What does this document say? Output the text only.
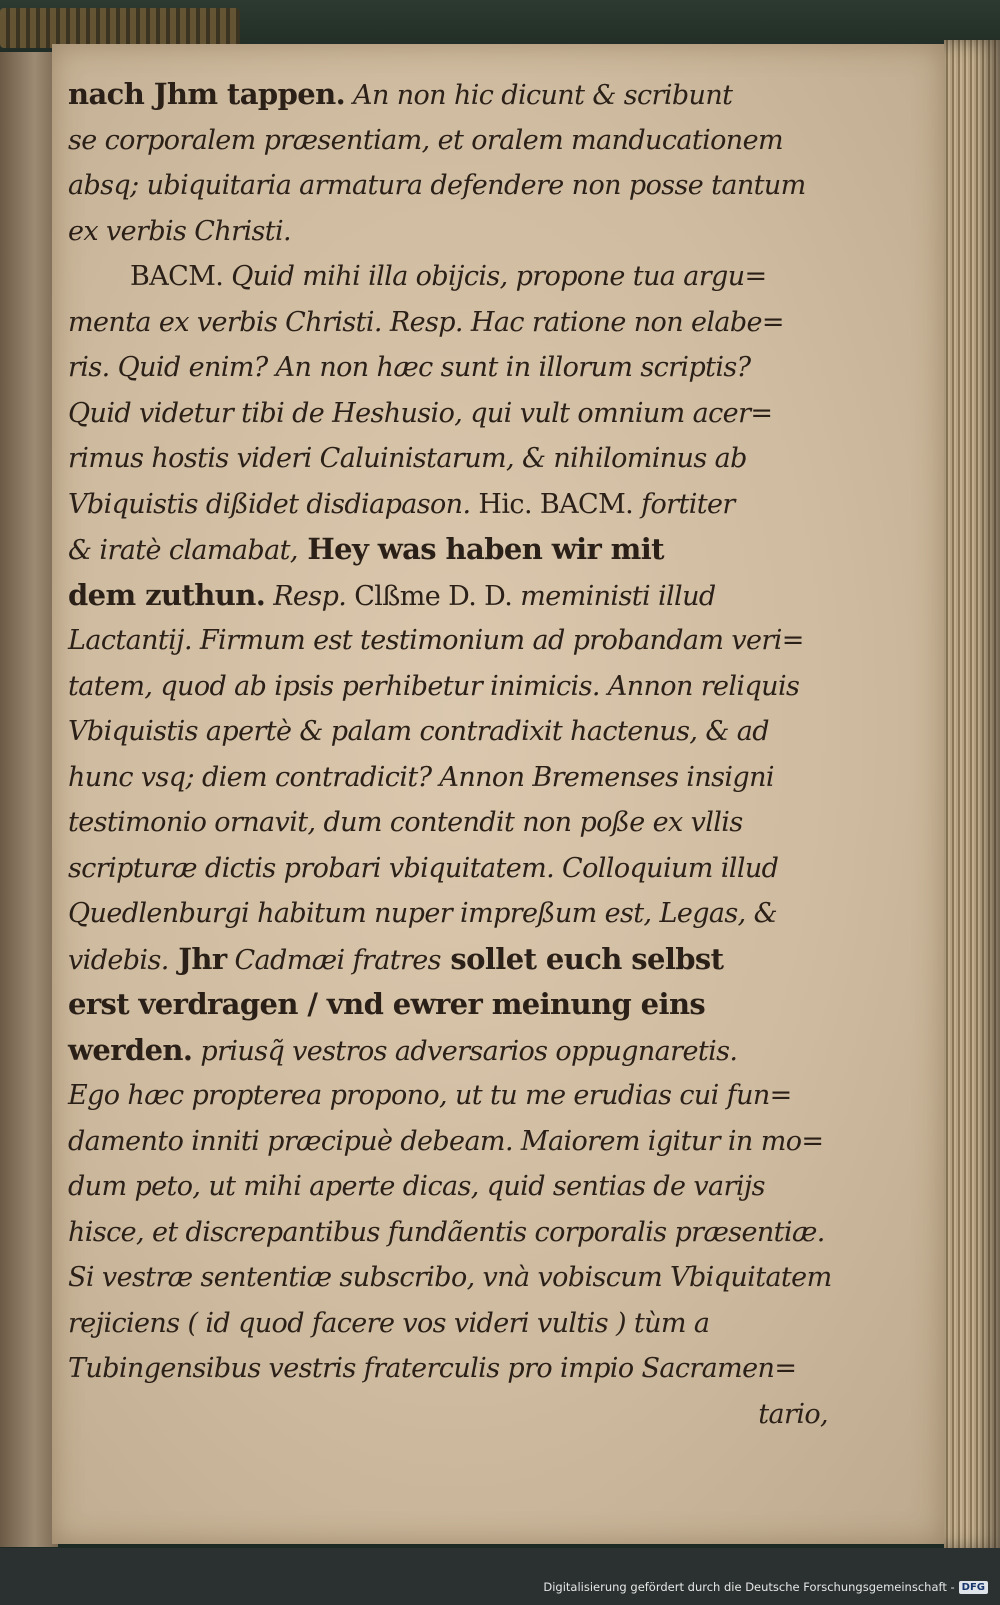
nach Jhm tappen. An non hic dicunt & scribunt
se corporalem præsentiam, et oralem manducationem
absq; ubiquitaria armatura defendere non posse tantum
ex verbis Christi.
BACM. Quid mihi illa obijcis, propone tua argu=
menta ex verbis Christi. Resp. Hac ratione non elabe=
ris. Quid enim? An non hæc sunt in illorum scriptis?
Quid videtur tibi de Heshusio, qui vult omnium acer=
rimus hostis videri Caluinistarum, & nihilominus ab
Vbiquistis dißidet disdiapason. Hic. BACM. fortiter
& iratè clamabat, Hey was haben wir mit
dem zuthun. Resp. Clßme D. D. meministi illud
Lactantij. Firmum est testimonium ad probandam veri=
tatem, quod ab ipsis perhibetur inimicis. Annon reliquis
Vbiquistis apertè & palam contradixit hactenus, & ad
hunc vsq; diem contradicit? Annon Bremenses insigni
testimonio ornavit, dum contendit non poße ex vllis
scripturæ dictis probari vbiquitatem. Colloquium illud
Quedlenburgi habitum nuper impreßum est, Legas, &
videbis. Jhr Cadmæi fratres sollet euch selbst
erst verdragen / vnd ewrer meinung eins
werden. priusq̃ vestros adversarios oppugnaretis.
Ego hæc propterea propono, ut tu me erudias cui fun=
damento inniti præcipuè debeam. Maiorem igitur in mo=
dum peto, ut mihi aperte dicas, quid sentias de varijs
hisce, et discrepantibus fundãentis corporalis præsentiæ.
Si vestræ sententiæ subscribo, vnà vobiscum Vbiquitatem
rejiciens ( id quod facere vos videri vultis ) tùm a
Tubingensibus vestris fraterculis pro impio Sacramen=
tario,
Digitalisierung gefördert durch die Deutsche Forschungsgemeinschaft - DFG
